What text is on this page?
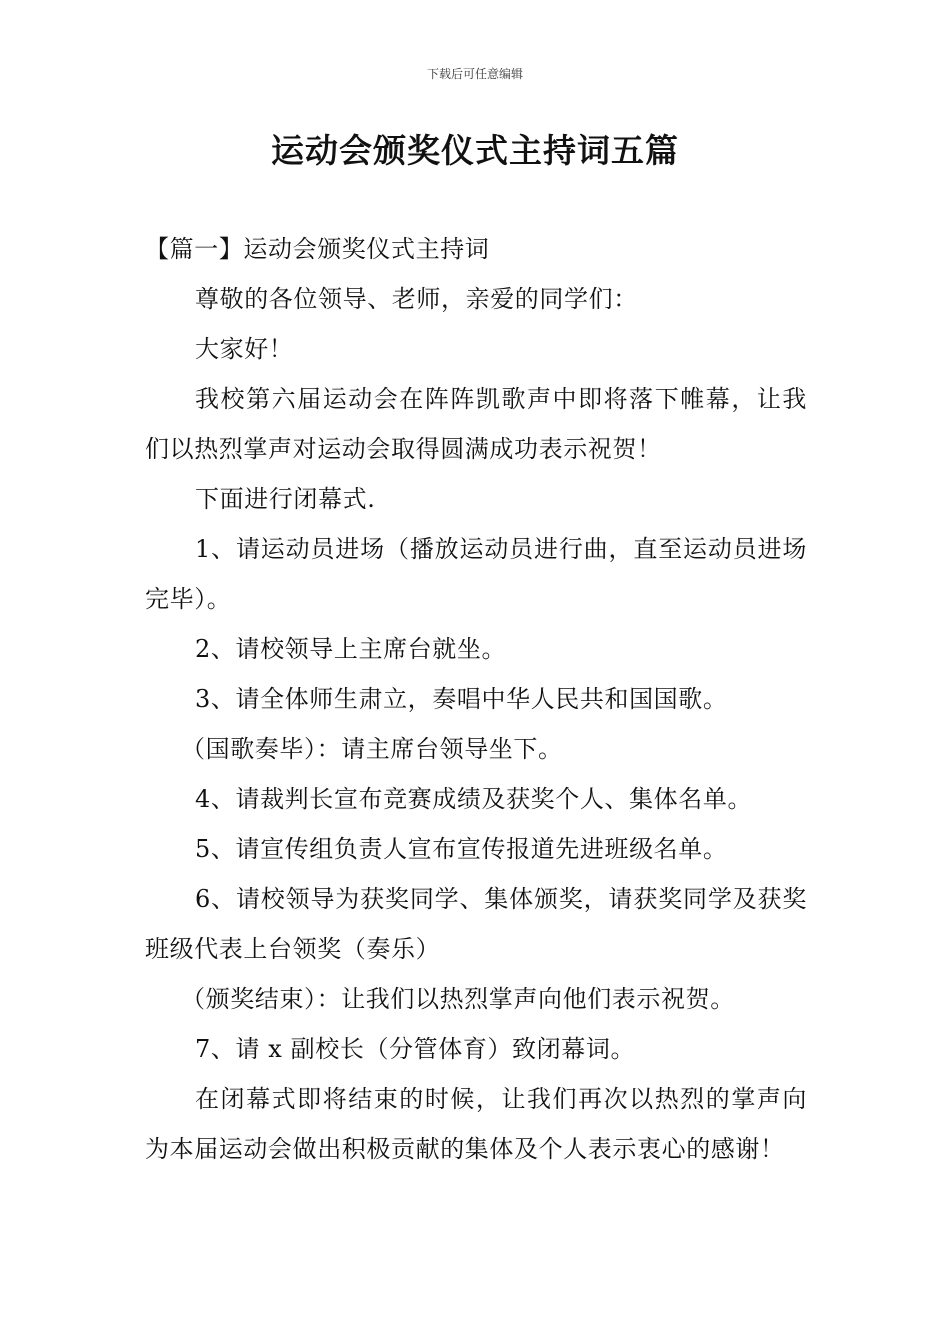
下载后可任意编辑
运动会颁奖仪式主持词五篇

【篇一】运动会颁奖仪式主持词

尊敬的各位领导、老师，亲爱的同学们：

大家好！

我校第六届运动会在阵阵凯歌声中即将落下帷幕，让我们以热烈掌声对运动会取得圆满成功表示祝贺！

下面进行闭幕式.

1、请运动员进场（播放运动员进行曲，直至运动员进场完毕）。

2、请校领导上主席台就坐。

3、请全体师生肃立，奏唱中华人民共和国国歌。

（国歌奏毕）：请主席台领导坐下。

4、请裁判长宣布竞赛成绩及获奖个人、集体名单。

5、请宣传组负责人宣布宣传报道先进班级名单。

6、请校领导为获奖同学、集体颁奖，请获奖同学及获奖班级代表上台领奖（奏乐）

（颁奖结束）：让我们以热烈掌声向他们表示祝贺。

7、请 x 副校长（分管体育）致闭幕词。

在闭幕式即将结束的时候，让我们再次以热烈的掌声向为本届运动会做出积极贡献的集体及个人表示衷心的感谢！
